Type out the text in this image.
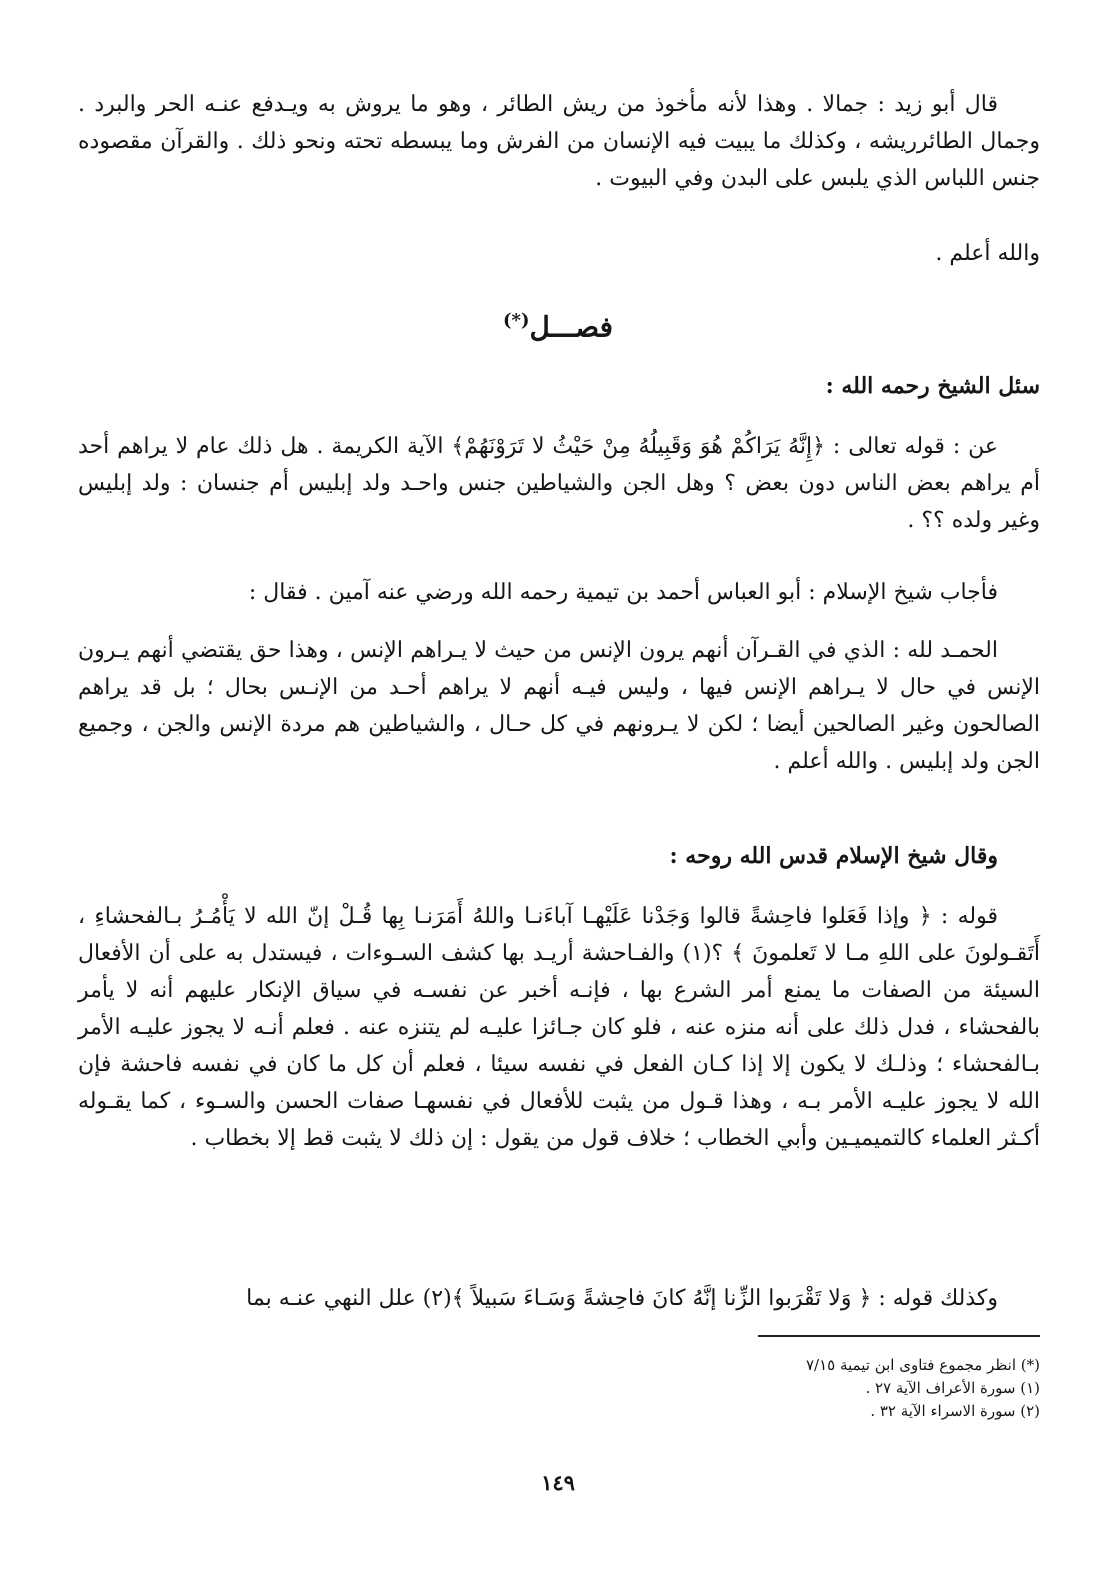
قال أبو زيد : جمالا . وهذا لأنه مأخوذ من ريش الطائر ، وهو ما يروش به ويـدفع عنـه الحر والبرد . وجمال الطائرريشه ، وكذلك ما يبيت فيه الإنسان من الفرش وما يبسطه تحته ونحو ذلك . والقرآن مقصوده جنس اللباس الذي يلبس على البدن وفي البيوت .

والله أعلم .

فصـــل(*)

سئل الشيخ رحمه الله :

عن : قوله تعالى : ﴿إِنَّهُ يَرَاكُمْ هُوَ وَقَبِيلُهُ مِنْ حَيْثُ لا تَرَوْنَهُمْ﴾ الآية الكريمة . هل ذلك عام لا يراهم أحد أم يراهم بعض الناس دون بعض ؟ وهل الجن والشياطين جنس واحـد ولد إبليس أم جنسان : ولد إبليس وغير ولده ؟؟ .

فأجاب شيخ الإسلام : أبو العباس أحمد بن تيمية رحمه الله ورضي عنه آمين . فقال :

الحمـد لله : الذي في القـرآن أنهم يرون الإنس من حيث لا يـراهم الإنس ، وهذا حق يقتضي أنهم يـرون الإنس في حال لا يـراهم الإنس فيها ، وليس فيـه أنهم لا يراهم أحـد من الإنـس بحال ؛ بل قد يراهم الصالحون وغير الصالحين أيضا ؛ لكن لا يـرونهم في كل حـال ، والشياطين هم مردة الإنس والجن ، وجميع الجن ولد إبليس . والله أعلم .

وقال شيخ الإسلام قدس الله روحه :

قوله : ﴿ وإذا فَعَلوا فاحِشةً قالوا وَجَدْنا عَلَيْهـا آباءَنـا واللهُ أَمَرَنـا بِها قُـلْ إنّ الله لا يَأْمُـرُ بـالفحشاءِ ، أَتَقـولونَ على اللهِ مـا لا تَعلمونَ ﴾ ؟(١) والفـاحشة أريـد بها كشف السـوءات ، فيستدل به على أن الأفعال السيئة من الصفات ما يمنع أمر الشرع بها ، فإنـه أخبر عن نفسـه في سياق الإنكار عليهم أنه لا يأمر بالفحشاء ، فدل ذلك على أنه منزه عنه ، فلو كان جـائزا عليـه لم يتنزه عنه . فعلم أنـه لا يجوز عليـه الأمر بـالفحشاء ؛ وذلـك لا يكون إلا إذا كـان الفعل في نفسه سيئا ، فعلم أن كل ما كان في نفسه فاحشة فإن الله لا يجوز عليـه الأمر بـه ، وهذا قـول من يثبت للأفعال في نفسهـا صفات الحسن والسـوء ، كما يقـوله أكـثر العلماء كالتميميـين وأبي الخطاب ؛ خلاف قول من يقول : إن ذلك لا يثبت قط إلا بخطاب .

وكذلك قوله : ﴿ وَلا تَقْرَبوا الزِّنا إنَّهُ كانَ فاحِشةً وَسَـاءَ سَبيلاً ﴾(٢) علل النهي عنـه بما

(*) انظر مجموع فتاوى ابن تيمية ٧/١٥
(١) سورة الأعراف الآية ٢٧ .
(٢) سورة الاسراء الآية ٣٢ .
١٤٩
